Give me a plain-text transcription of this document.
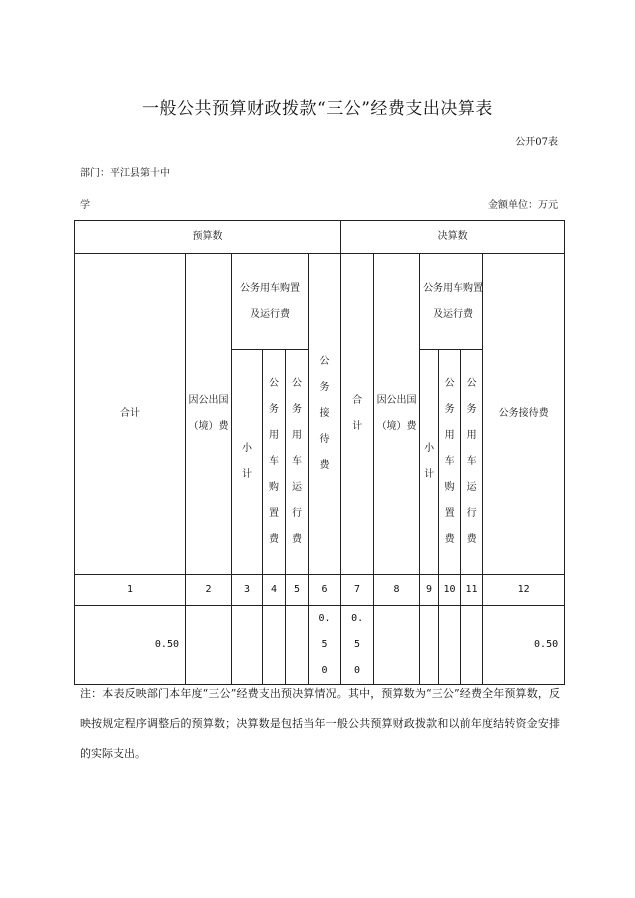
一般公共预算财政拨款“三公”经费支出决算表
公开07表
部门：平江县第十中
学	金额单位：万元
预算数						决算数					
合计	因公出国（境）费	公务用车购置及运行费			公务接待费	合计	因公出国（境）费	公务用车购置及运行费			公务接待费
		小计	公务用车购置费	公务用车运行费				小计	公务用车购置费	公务用车运行费	
1	2	3	4	5	6	7	8	9	10	11	12
0.50					0.50	0.50					0.50
注：本表反映部门本年度“三公”经费支出预决算情况。其中，预算数为“三公”经费全年预算数，反映按规定程序调整后的预算数；决算数是包括当年一般公共预算财政拨款和以前年度结转资金安排的实际支出。
